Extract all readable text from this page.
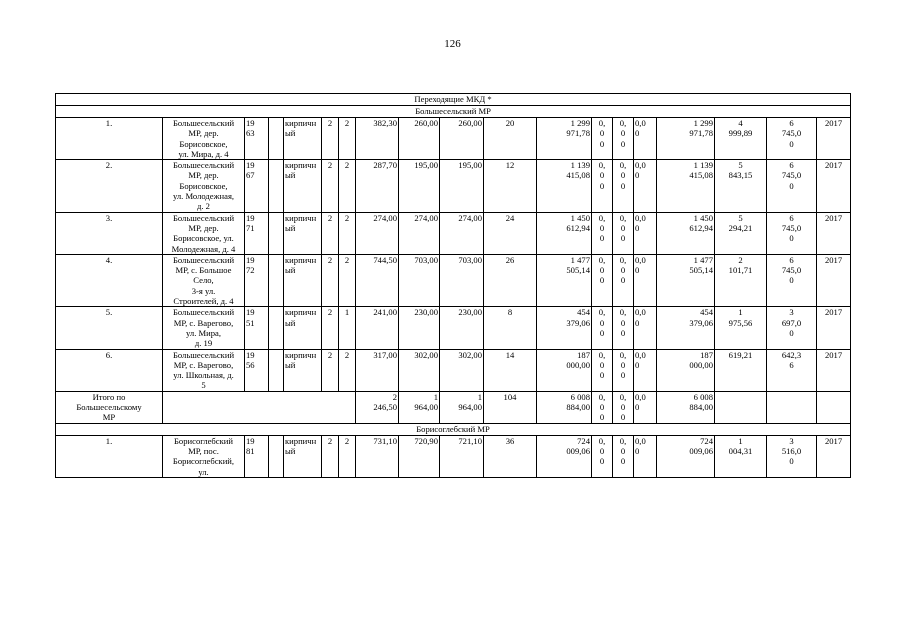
126
Переходящие МКД *																		
Большесельский МР																		

1.	Большесельский
МР, дер.
Борисовское,
ул. Мира, д. 4	19
63		кирпичн
ый	2	2	382,30	260,00	260,00	20	1 299
971,78	0,
0
0	0,
0
0	0,0
0	1 299
971,78	4
999,89	6
745,0
0	2017

2.	Большесельский
МР, дер.
Борисовское,
ул. Молодежная,
д. 2	19
67		кирпичн
ый	2	2	287,70	195,00	195,00	12	1 139
415,08	0,
0
0	0,
0
0	0,0
0	1 139
415,08	5
843,15	6
745,0
0	2017

3.	Большесельский
МР, дер.
Борисовское, ул.
Молодежная, д. 4	19
71		кирпичн
ый	2	2	274,00	274,00	274,00	24	1 450
612,94	0,
0
0	0,
0
0	0,0
0	1 450
612,94	5
294,21	6
745,0
0	2017

4.	Большесельский
МР, с. Большое
Село,
3-я ул.
Строителей, д. 4	19
72		кирпичн
ый	2	2	744,50	703,00	703,00	26	1 477
505,14	0,
0
0	0,
0
0	0,0
0	1 477
505,14	2
101,71	6
745,0
0	2017

5.	Большесельский
МР, с. Варегово,
ул. Мира,
д. 19	19
51		кирпичн
ый	2	1	241,00	230,00	230,00	8	454
379,06	0,
0
0	0,
0
0	0,0
0	454
379,06	1
975,56	3
697,0
0	2017

6.	Большесельский
МР, с. Варегово,
ул. Школьная, д.
5	19
56		кирпичн
ый	2	2	317,00	302,00	302,00	14	187
000,00	0,
0
0	0,
0
0	0,0
0	187
000,00	619,21	642,3
6	2017

Итого по
Большесельскому
МР							2
246,50	1
964,00	1
964,00	104	6 008
884,00	0,
0
0	0,
0
0	0,0
0	6 008
884,00			

Борисоглебский МР																		

1.	Борисоглебский
МР, пос.
Борисоглебский,
ул.	19
81		кирпичн
ый	2	2	731,10	720,90	721,10	36	724
009,06	0,
0
0	0,
0
0	0,0
0	724
009,06	1
004,31	3
516,0
0	2017
